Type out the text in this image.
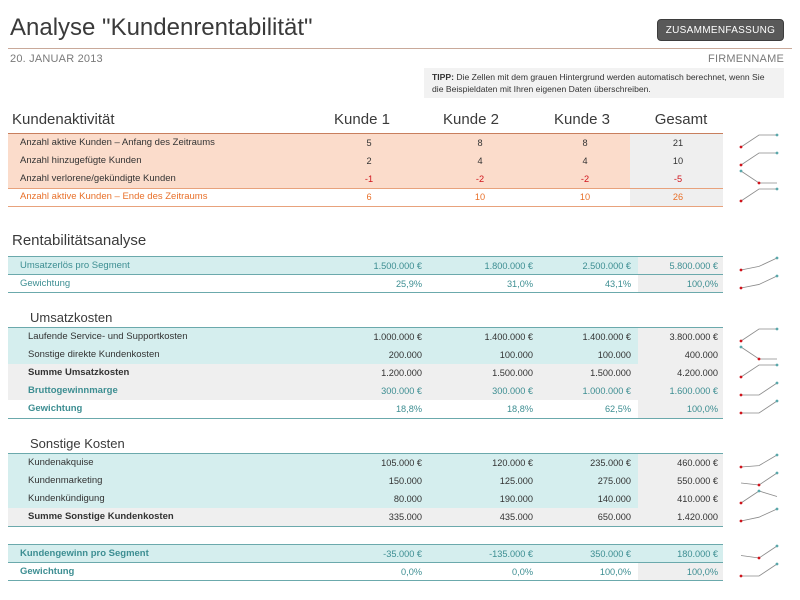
Analyse "Kundenrentabilität"	ZUSAMMENFASSUNG
20. JANUAR 2013	FIRMENNAME
TIPP: Die Zellen mit dem grauen Hintergrund werden automatisch berechnet, wenn Sie die Beispieldaten mit Ihren eigenen Daten überschreiben.
Kundenaktivität	Kunde 1	Kunde 2	Kunde 3	Gesamt
Anzahl aktive Kunden – Anfang des Zeitraums	5	8	8	21
Anzahl hinzugefügte Kunden	2	4	4	10
Anzahl verlorene/gekündigte Kunden	-1	-2	-2	-5
Anzahl aktive Kunden – Ende des Zeitraums	6	10	10	26
Rentabilitätsanalyse
Umsatzerlös pro Segment	1.500.000 €	1.800.000 €	2.500.000 €	5.800.000 €
Gewichtung	25,9%	31,0%	43,1%	100,0%
Umsatzkosten
Laufende Service- und Supportkosten	1.000.000 €	1.400.000 €	1.400.000 €	3.800.000 €
Sonstige direkte Kundenkosten	200.000	100.000	100.000	400.000
Summe Umsatzkosten	1.200.000	1.500.000	1.500.000	4.200.000
Bruttogewinnmarge	300.000 €	300.000 €	1.000.000 €	1.600.000 €
Gewichtung	18,8%	18,8%	62,5%	100,0%
Sonstige Kosten
Kundenakquise	105.000 €	120.000 €	235.000 €	460.000 €
Kundenmarketing	150.000	125.000	275.000	550.000 €
Kundenkündigung	80.000	190.000	140.000	410.000 €
Summe Sonstige Kundenkosten	335.000	435.000	650.000	1.420.000
Kundengewinn pro Segment	-35.000 €	-135.000 €	350.000 €	180.000 €
Gewichtung	0,0%	0,0%	100,0%	100,0%
